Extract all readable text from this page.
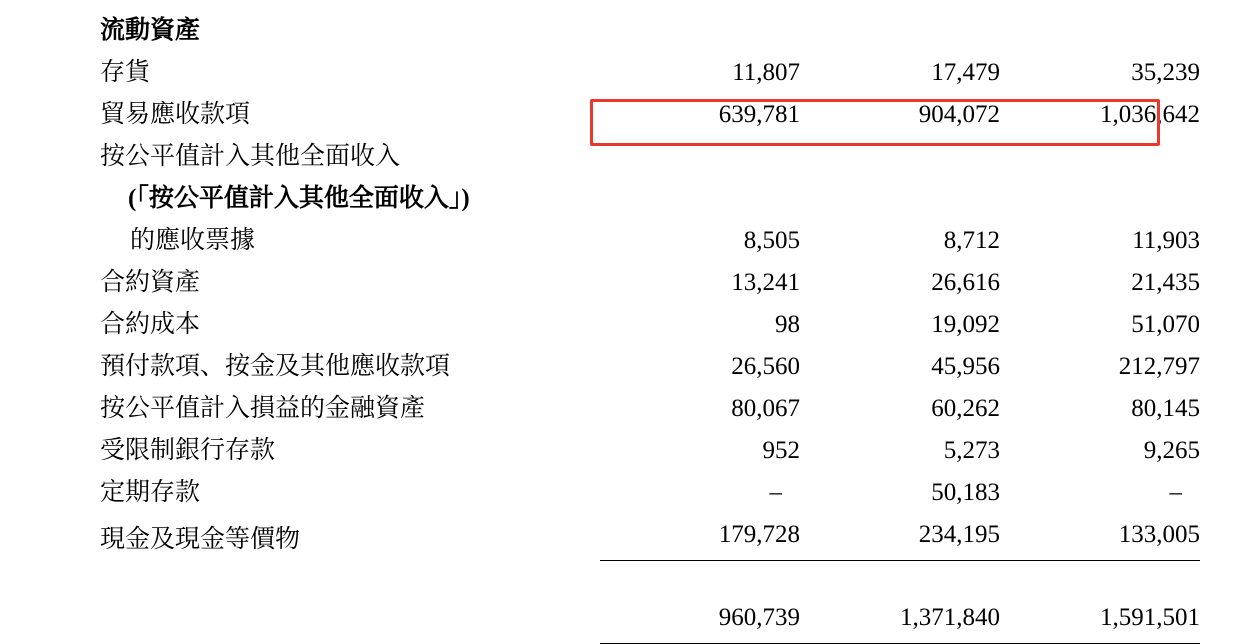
流動資產			
存貨	11,807	17,479	35,239
貿易應收款項	639,781	904,072	1,036,642
按公平值計入其他全面收入			
(「按公平值計入其他全面收入」)			
的應收票據	8,505	8,712	11,903
合約資產	13,241	26,616	21,435
合約成本	98	19,092	51,070
預付款項、按金及其他應收款項	26,560	45,956	212,797
按公平值計入損益的金融資產	80,067	60,262	80,145
受限制銀行存款	952	5,273	9,265
定期存款	–	50,183	–
現金及現金等價物	179,728	234,195	133,005

	960,739	1,371,840	1,591,501
